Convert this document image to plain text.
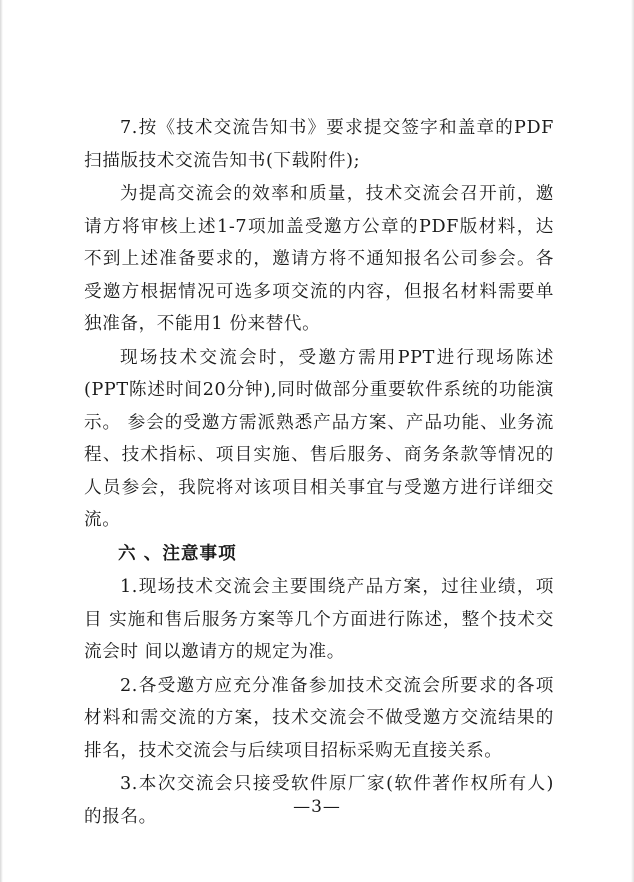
7.按《技术交流告知书》要求提交签字和盖章的PDF扫描版技术交流告知书(下载附件);

为提高交流会的效率和质量，技术交流会召开前，邀请方将审核上述1-7项加盖受邀方公章的PDF版材料，达不到上述准备要求的，邀请方将不通知报名公司参会。各受邀方根据情况可选多项交流的内容，但报名材料需要单独准备，不能用1 份来替代。

现场技术交流会时，受邀方需用PPT进行现场陈述 (PPT陈述时间20分钟),同时做部分重要软件系统的功能演示。 参会的受邀方需派熟悉产品方案、产品功能、业务流程、技术指标、项目实施、售后服务、商务条款等情况的人员参会，我院将对该项目相关事宜与受邀方进行详细交流。

六 、注意事项

1.现场技术交流会主要围绕产品方案，过往业绩，项目 实施和售后服务方案等几个方面进行陈述，整个技术交流会时 间以邀请方的规定为准。

2.各受邀方应充分准备参加技术交流会所要求的各项材料和需交流的方案，技术交流会不做受邀方交流结果的排名，技术交流会与后续项目招标采购无直接关系。

3.本次交流会只接受软件原厂家(软件著作权所有人) 的报名。	—3—
